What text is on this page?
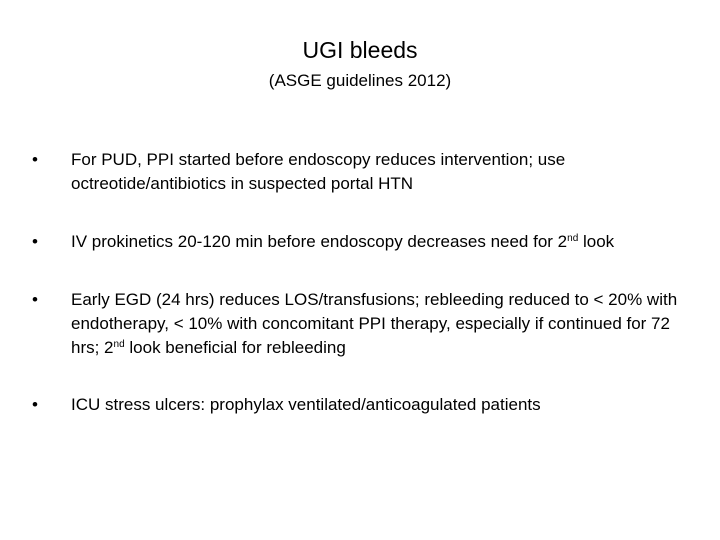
UGI bleeds
(ASGE guidelines 2012)
•	For PUD, PPI started before endoscopy reduces intervention; use octreotide/antibiotics in suspected portal HTN
•	IV prokinetics 20-120 min before endoscopy decreases need for 2nd look
•	Early EGD (24 hrs) reduces LOS/transfusions; rebleeding reduced to < 20% with endotherapy, < 10% with concomitant PPI therapy, especially if continued for 72 hrs; 2nd look beneficial for rebleeding
•	ICU stress ulcers: prophylax ventilated/anticoagulated patients
